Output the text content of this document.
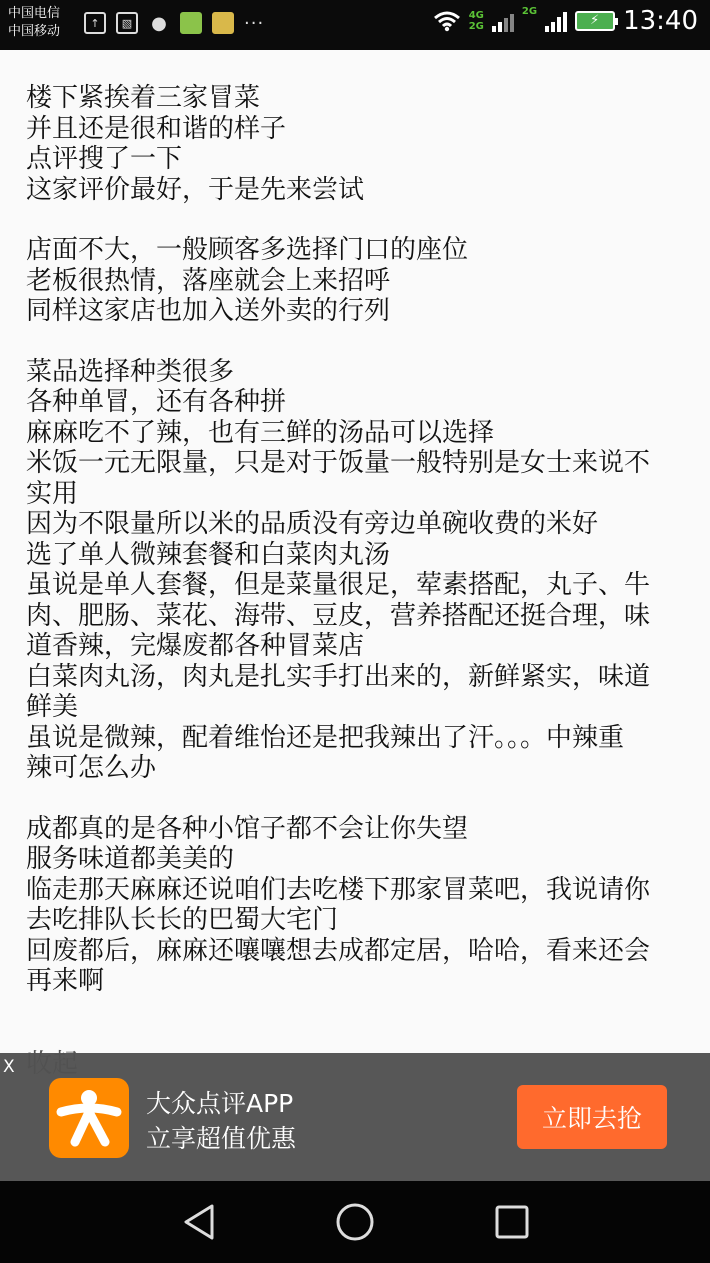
中国电信
中国移动
↑	▧	●	···	4G
2G
2G
⚡ 13:40
楼下紧挨着三家冒菜
并且还是很和谐的样子
点评搜了一下
这家评价最好，于是先来尝试
店面不大，一般顾客多选择门口的座位
老板很热情，落座就会上来招呼
同样这家店也加入送外卖的行列
菜品选择种类很多
各种单冒，还有各种拼
麻麻吃不了辣，也有三鲜的汤品可以选择
米饭一元无限量，只是对于饭量一般特别是女士来说不
实用
因为不限量所以米的品质没有旁边单碗收费的米好
选了单人微辣套餐和白菜肉丸汤
虽说是单人套餐，但是菜量很足，荤素搭配，丸子、牛
肉、肥肠、菜花、海带、豆皮，营养搭配还挺合理，味
道香辣，完爆废都各种冒菜店
白菜肉丸汤，肉丸是扎实手打出来的，新鲜紧实，味道
鲜美
虽说是微辣，配着维怡还是把我辣出了汗。。。中辣重
辣可怎么办
成都真的是各种小馆子都不会让你失望
服务味道都美美的
临走那天麻麻还说咱们去吃楼下那家冒菜吧，我说请你
去吃排队长长的巴蜀大宅门
回废都后，麻麻还嚷嚷想去成都定居，哈哈，看来还会
再来啊
X
大众点评APP
立享超值优惠
立即去抢
